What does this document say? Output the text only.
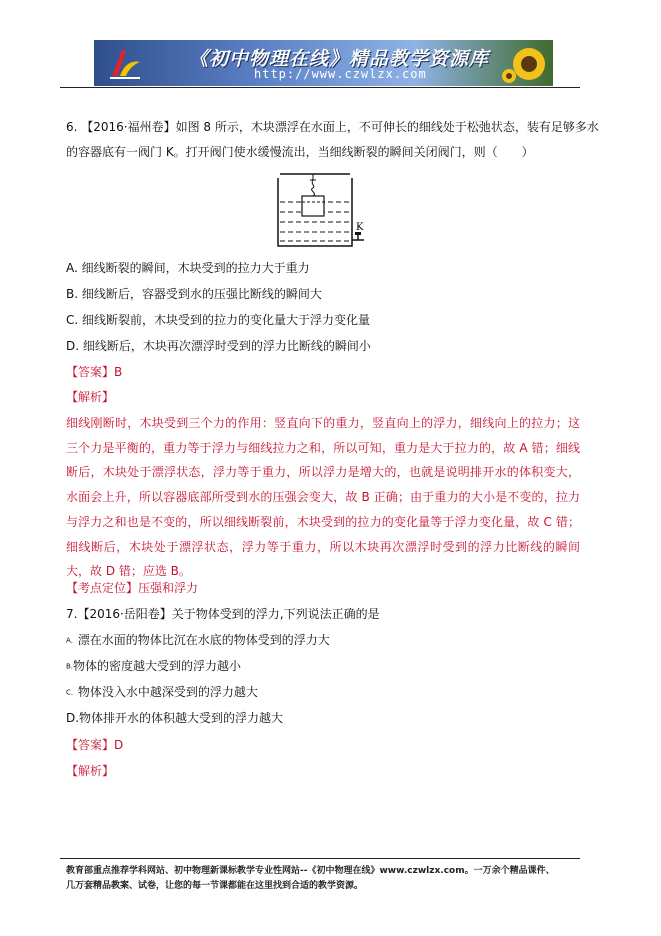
《初中物理在线》精品教学资源库
http://www.czwlzx.com
6. 【2016·福州卷】如图 8 所示，木块漂浮在水面上，不可伸长的细线处于松弛状态，装有足够多水
的容器底有一阀门 K。打开阀门使水缓慢流出，当细线断裂的瞬间关闭阀门，则（　　）
K
A. 细线断裂的瞬间，木块受到的拉力大于重力
B. 细线断后，容器受到水的压强比断线的瞬间大
C. 细线断裂前，木块受到的拉力的变化量大于浮力变化量
D. 细线断后，木块再次漂浮时受到的浮力比断线的瞬间小
【答案】B
【解析】
细线刚断时，木块受到三个力的作用：竖直向下的重力，竖直向上的浮力，细线向上的拉力；这三个力是平衡的，重力等于浮力与细线拉力之和，所以可知，重力是大于拉力的，故 A 错；细线断后，木块处于漂浮状态，浮力等于重力，所以浮力是增大的，也就是说明排开水的体积变大，水面会上升，所以容器底部所受到水的压强会变大，故 B 正确；由于重力的大小是不变的，拉力与浮力之和也是不变的，所以细线断裂前，木块受到的拉力的变化量等于浮力变化量，故 C 错；细线断后，木块处于漂浮状态，浮力等于重力，所以木块再次漂浮时受到的浮力比断线的瞬间大，故 D 错；应选 B。
【考点定位】压强和浮力
7.【2016·岳阳卷】关于物体受到的浮力,下列说法正确的是
A．漂在水面的物体比沉在水底的物体受到的浮力大
B.物体的密度越大受到的浮力越小
C．物体没入水中越深受到的浮力越大
D.物体排开水的体积越大受到的浮力越大
【答案】D
【解析】
教育部重点推荐学科网站、初中物理新课标教学专业性网站--《初中物理在线》www.czwlzx.com。一万余个精品课件、
几万套精品教案、试卷，让您的每一节课都能在这里找到合适的教学资源。
